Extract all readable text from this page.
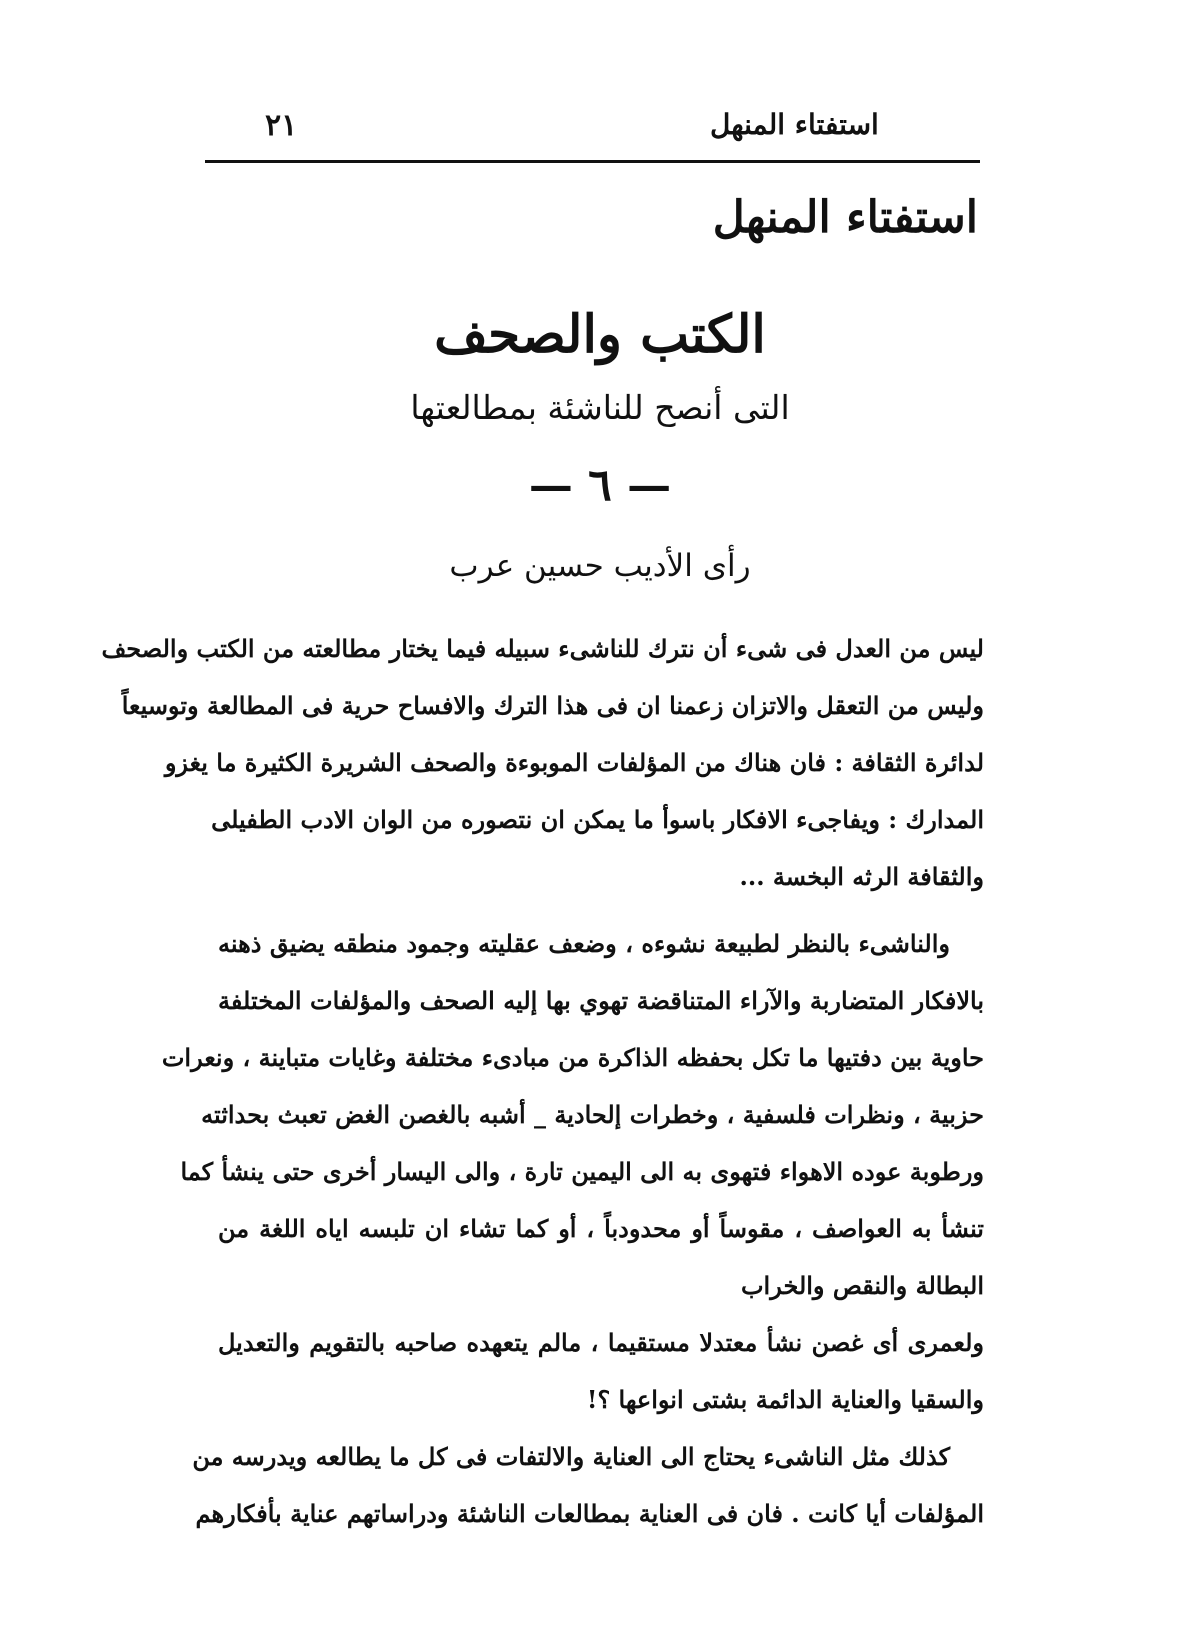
٢١	استفتاء المنهل
استفتاء المنهل
الكتب والصحف
التى أنصح للناشئة بمطالعتها
— ٦ —
رأى الأديب حسين عرب
ليس من العدل فى شىء أن نترك للناشىء سبيله فيما يختار مطالعته من الكتب والصحف
وليس من التعقل والاتزان زعمنا ان فى هذا الترك والافساح حرية فى المطالعة وتوسيعاً
لدائرة الثقافة : فان هناك من المؤلفات الموبوءة والصحف الشريرة الكثيرة ما يغزو
المدارك : ويفاجىء الافكار باسوأ ما يمكن ان نتصوره من الوان الادب الطفيلى
والثقافة الرثه البخسة ...
والناشىء بالنظر لطبيعة نشوءه ، وضعف عقليته وجمود منطقه يضيق ذهنه
بالافكار المتضاربة والآراء المتناقضة تهوي بها إليه الصحف والمؤلفات المختلفة
حاوية بين دفتيها ما تكل بحفظه الذاكرة من مبادىء مختلفة وغايات متباينة ، ونعرات
حزبية ، ونظرات فلسفية ، وخطرات إلحادية _ أشبه بالغصن الغض تعبث بحداثته
ورطوبة عوده الاهواء فتهوى به الى اليمين تارة ، والى اليسار أخرى حتى ينشأ كما
تنشأ به العواصف ، مقوساً أو محدودباً ، أو كما تشاء ان تلبسه اياه اللغة من
البطالة والنقص والخراب
ولعمرى أى غصن نشأ معتدلا مستقيما ، مالم يتعهده صاحبه بالتقويم والتعديل
والسقيا والعناية الدائمة بشتى انواعها ؟!
كذلك مثل الناشىء يحتاج الى العناية والالتفات فى كل ما يطالعه ويدرسه من
المؤلفات أيا كانت . فان فى العناية بمطالعات الناشئة ودراساتهم عناية بأفكارهم
